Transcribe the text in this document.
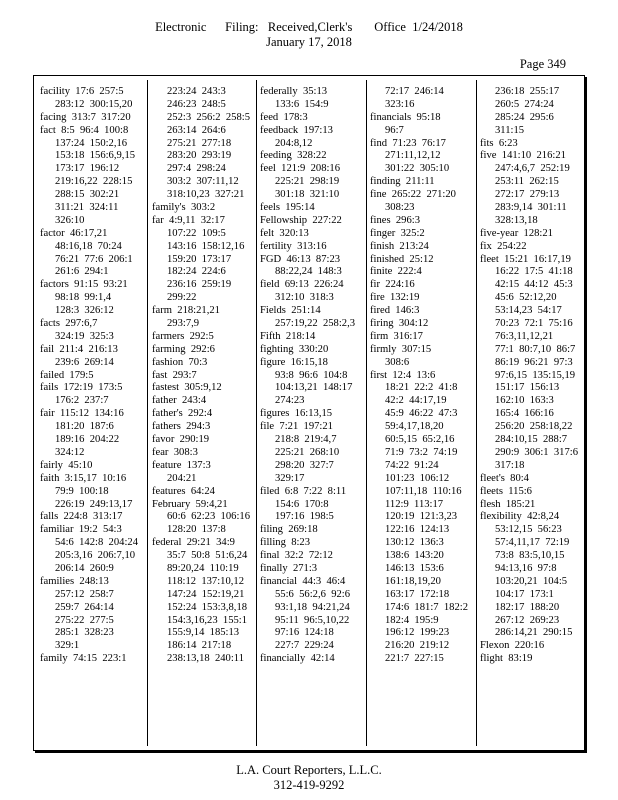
Electronic      Filing:   Received,Clerk's       Office  1/24/2018
January 17, 2018
Page 349
facility  17:6  257:5
283:12  300:15,20
facing  313:7  317:20
fact  8:5  96:4  100:8
137:24  150:2,16
153:18  156:6,9,15
173:17  196:12
219:16,22  228:15
288:15  302:21
311:21  324:11
326:10
factor  46:17,21
48:16,18  70:24
76:21  77:6  206:1
261:6  294:1
factors  91:15  93:21
98:18  99:1,4
128:3  326:12
facts  297:6,7
324:19  325:3
fail  211:4  216:13
239:6  269:14
failed  179:5
fails  172:19  173:5
176:2  237:7
fair  115:12  134:16
181:20  187:6
189:16  204:22
324:12
fairly  45:10
faith  3:15,17  10:16
79:9  100:18
226:19  249:13,17
falls  224:8  313:17
familiar  19:2  54:3
54:6  142:8  204:24
205:3,16  206:7,10
206:14  260:9
families  248:13
257:12  258:7
259:7  264:14
275:22  277:5
285:1  328:23
329:1
family  74:15  223:1
223:24  243:3
246:23  248:5
252:3  256:2  258:5
263:14  264:6
275:21  277:18
283:20  293:19
297:4  298:24
303:2  307:11,12
318:10,23  327:21
family's  303:2
far  4:9,11  32:17
107:22  109:5
143:16  158:12,16
159:20  173:17
182:24  224:6
236:16  259:19
299:22
farm  218:21,21
293:7,9
farmers  292:5
farming  292:6
fashion  70:3
fast  293:7
fastest  305:9,12
father  243:4
father's  292:4
fathers  294:3
favor  290:19
fear  308:3
feature  137:3
204:21
features  64:24
February  59:4,21
60:6  62:23  106:16
128:20  137:8
federal  29:21  34:9
35:7  50:8  51:6,24
89:20,24  110:19
118:12  137:10,12
147:24  152:19,21
152:24  153:3,8,18
154:3,16,23  155:1
155:9,14  185:13
186:14  217:18
238:13,18  240:11
federally  35:13
133:6  154:9
feed  178:3
feedback  197:13
204:8,12
feeding  328:22
feel  121:9  208:16
225:21  298:19
301:18  321:10
feels  195:14
Fellowship  227:22
felt  320:13
fertility  313:16
FGD  46:13  87:23
88:22,24  148:3
field  69:13  226:24
312:10  318:3
Fields  251:14
257:19,22  258:2,3
Fifth  218:14
fighting  330:20
figure  16:15,18
93:8  96:6  104:8
104:13,21  148:17
274:23
figures  16:13,15
file  7:21  197:21
218:8  219:4,7
225:21  268:10
298:20  327:7
329:17
filed  6:8  7:22  8:11
154:6  170:8
197:16  198:5
filing  269:18
filling  8:23
final  32:2  72:12
finally  271:3
financial  44:3  46:4
55:6  56:2,6  92:6
93:1,18  94:21,24
95:11  96:5,10,22
97:16  124:18
227:7  229:24
financially  42:14
72:17  246:14
323:16
financials  95:18
96:7
find  71:23  76:17
271:11,12,12
301:22  305:10
finding  211:11
fine  265:22  271:20
308:23
fines  296:3
finger  325:2
finish  213:24
finished  25:12
finite  222:4
fir  224:16
fire  132:19
fired  146:3
firing  304:12
firm  316:17
firmly  307:15
308:6
first  12:4  13:6
18:21  22:2  41:8
42:2  44:17,19
45:9  46:22  47:3
59:4,17,18,20
60:5,15  65:2,16
71:9  73:2  74:19
74:22  91:24
101:23  106:12
107:11,18  110:16
112:9  113:17
120:19  121:3,23
122:16  124:13
130:12  136:3
138:6  143:20
146:13  153:6
161:18,19,20
163:17  172:18
174:6  181:7  182:2
182:4  195:9
196:12  199:23
216:20  219:12
221:7  227:15
236:18  255:17
260:5  274:24
285:24  295:6
311:15
fits  6:23
five  141:10  216:21
247:4,6,7  252:19
253:11  262:15
272:17  279:13
283:9,14  301:11
328:13,18
five-year  128:21
fix  254:22
fleet  15:21  16:17,19
16:22  17:5  41:18
42:15  44:12  45:3
45:6  52:12,20
53:14,23  54:17
70:23  72:1  75:16
76:3,11,12,21
77:1  80:7,10  86:7
86:19  96:21  97:3
97:6,15  135:15,19
151:17  156:13
162:10  163:3
165:4  166:16
256:20  258:18,22
284:10,15  288:7
290:9  306:1  317:6
317:18
fleet's  80:4
fleets  115:6
flesh  185:21
flexibility  42:8,24
53:12,15  56:23
57:4,11,17  72:19
73:8  83:5,10,15
94:13,16  97:8
103:20,21  104:5
104:17  173:1
182:17  188:20
267:12  269:23
286:14,21  290:15
Flexon  220:16
flight  83:19
L.A. Court Reporters, L.L.C.
312-419-9292
